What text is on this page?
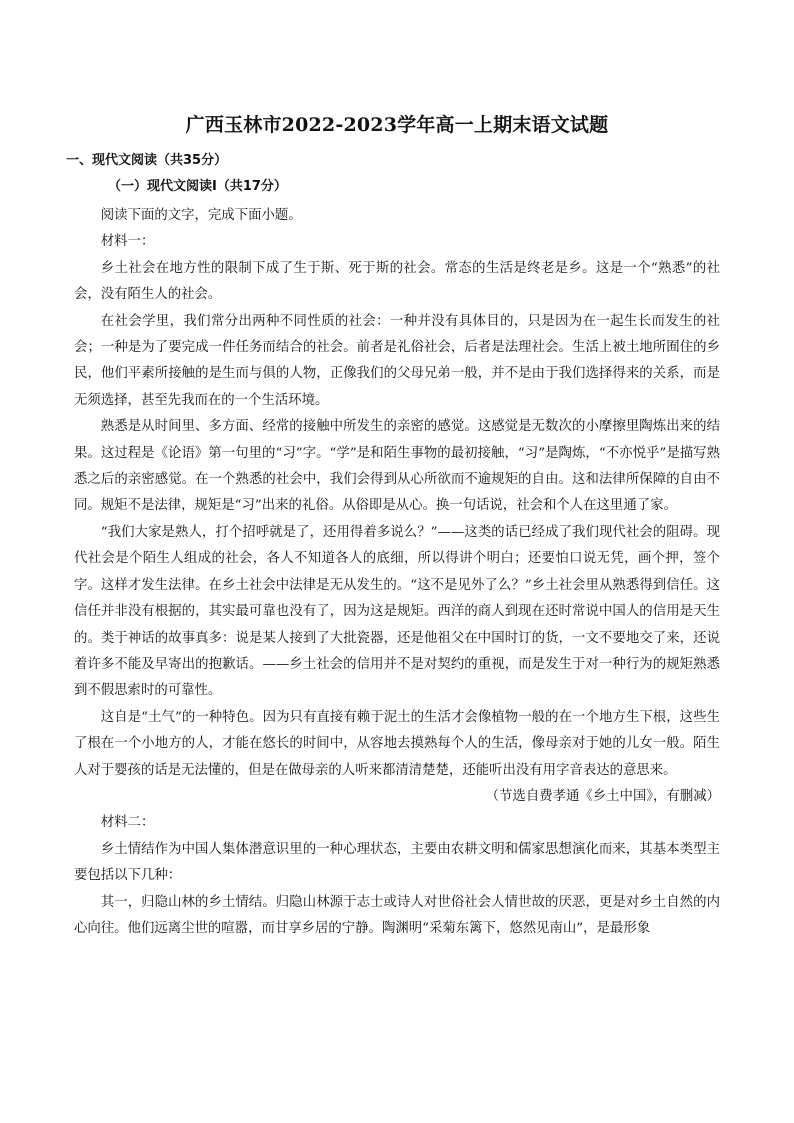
广西玉林市2022-2023学年高一上期末语文试题
一、现代文阅读（共35分）
（一）现代文阅读Ⅰ（共17分）

阅读下面的文字，完成下面小题。

材料一：

乡土社会在地方性的限制下成了生于斯、死于斯的社会。常态的生活是终老是乡。这是一个“熟悉”的社会，没有陌生人的社会。

在社会学里，我们常分出两种不同性质的社会：一种并没有具体目的，只是因为在一起生长而发生的社会；一种是为了要完成一件任务而结合的社会。前者是礼俗社会，后者是法理社会。生活上被土地所囿住的乡民，他们平素所接触的是生而与俱的人物，正像我们的父母兄弟一般，并不是由于我们选择得来的关系，而是无须选择，甚至先我而在的一个生活环境。

熟悉是从时间里、多方面、经常的接触中所发生的亲密的感觉。这感觉是无数次的小摩擦里陶炼出来的结果。这过程是《论语》第一句里的“习”字。“学”是和陌生事物的最初接触，“习”是陶炼，“不亦悦乎”是描写熟悉之后的亲密感觉。在一个熟悉的社会中，我们会得到从心所欲而不逾规矩的自由。这和法律所保障的自由不同。规矩不是法律，规矩是“习”出来的礼俗。从俗即是从心。换一句话说，社会和个人在这里通了家。

“我们大家是熟人，打个招呼就是了，还用得着多说么？”——这类的话已经成了我们现代社会的阻碍。现代社会是个陌生人组成的社会，各人不知道各人的底细，所以得讲个明白；还要怕口说无凭，画个押，签个字。这样才发生法律。在乡土社会中法律是无从发生的。“这不是见外了么？”乡土社会里从熟悉得到信任。这信任并非没有根据的，其实最可靠也没有了，因为这是规矩。西洋的商人到现在还时常说中国人的信用是天生的。类于神话的故事真多：说是某人接到了大批瓷器，还是他祖父在中国时订的货，一文不要地交了来，还说着许多不能及早寄出的抱歉话。——乡土社会的信用并不是对契约的重视，而是发生于对一种行为的规矩熟悉到不假思索时的可靠性。

这自是“土气”的一种特色。因为只有直接有赖于泥土的生活才会像植物一般的在一个地方生下根，这些生了根在一个小地方的人，才能在悠长的时间中，从容地去摸熟每个人的生活，像母亲对于她的儿女一般。陌生人对于婴孩的话是无法懂的，但是在做母亲的人听来都清清楚楚，还能听出没有用字音表达的意思来。

（节选自费孝通《乡土中国》，有删减）

材料二：

乡土情结作为中国人集体潜意识里的一种心理状态，主要由农耕文明和儒家思想演化而来，其基本类型主要包括以下几种：

其一，归隐山林的乡土情结。归隐山林源于志士或诗人对世俗社会人情世故的厌恶，更是对乡土自然的内心向往。他们远离尘世的喧嚣，而甘享乡居的宁静。陶渊明“采菊东篱下，悠然见南山”，是最形象
